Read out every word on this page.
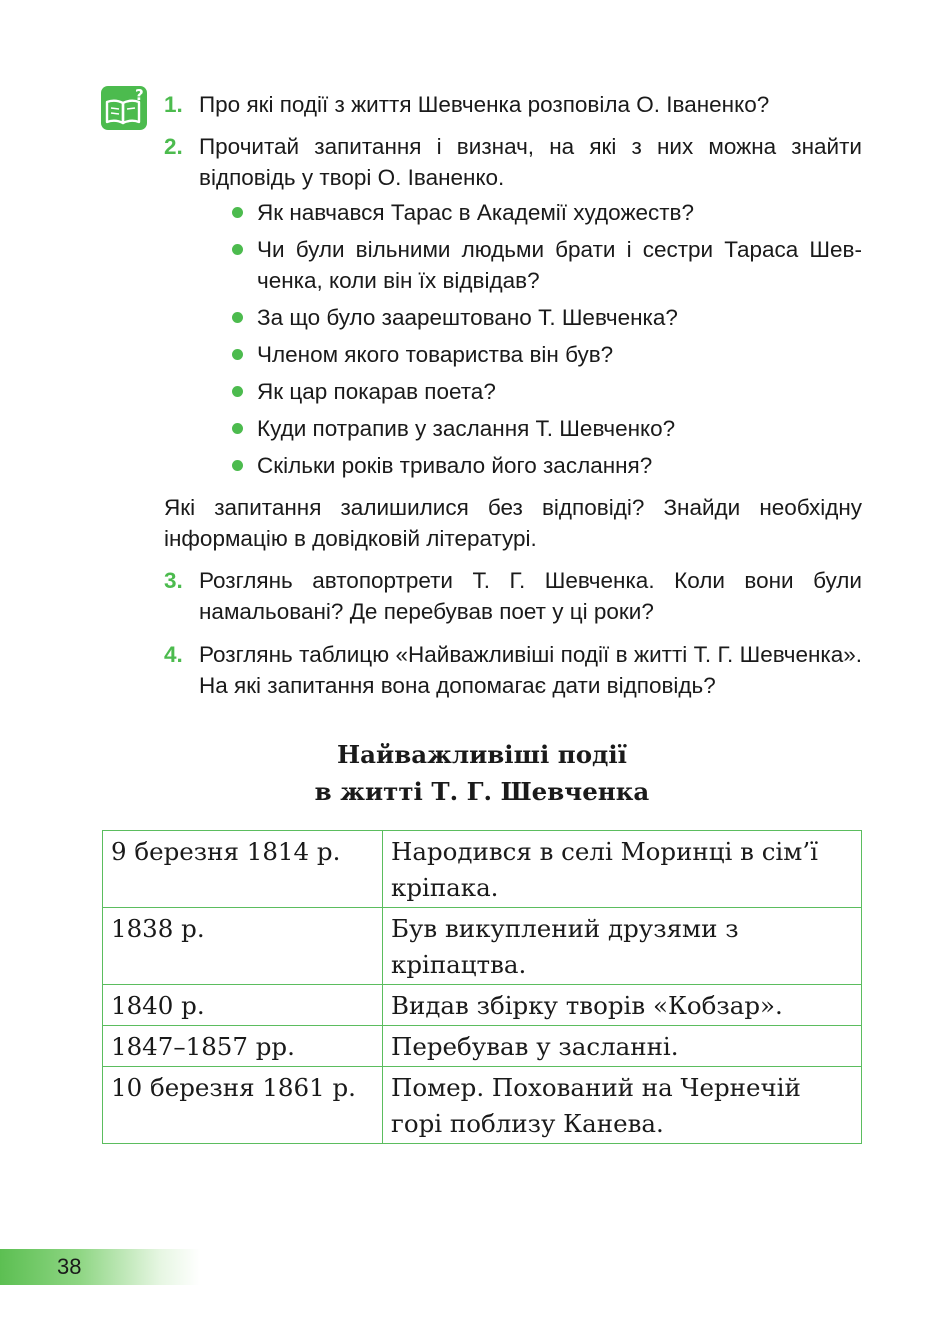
? 1. Про які події з життя Шевченка розповіла О. Іваненко?
2. Прочитай запитання і визнач, на які з них можна знайти відповідь у творі О. Іваненко.
Як навчався Тарас в Академії художеств?
Чи були вільними людьми брати і сестри Тараса Шевченка, коли він їх відвідав?
За що було заарештовано Т. Шевченка?
Членом якого товариства він був?
Як цар покарав поета?
Куди потрапив у заслання Т. Шевченко?
Скільки років тривало його заслання?
Які запитання залишилися без відповіді? Знайди необхідну інформацію в довідковій літературі.
3. Розглянь автопортрети Т. Г. Шевченка. Коли вони були намальовані? Де перебував поет у ці роки?
4. Розглянь таблицю «Найважливіші події в житті Т. Г. Шевченка». На які запитання вона допомагає дати відповідь?
Найважливіші події
в житті Т. Г. Шевченка
9 березня 1814 р.	Народився в селі Моринці в сім’ї кріпака.
1838 р.	Був викуплений друзями з кріпацтва.
1840 р.	Видав збірку творів «Кобзар».
1847–1857 рр.	Перебував у засланні.
10 березня 1861 р.	Помер. Похований на Чернечій горі поблизу Канева.
38
